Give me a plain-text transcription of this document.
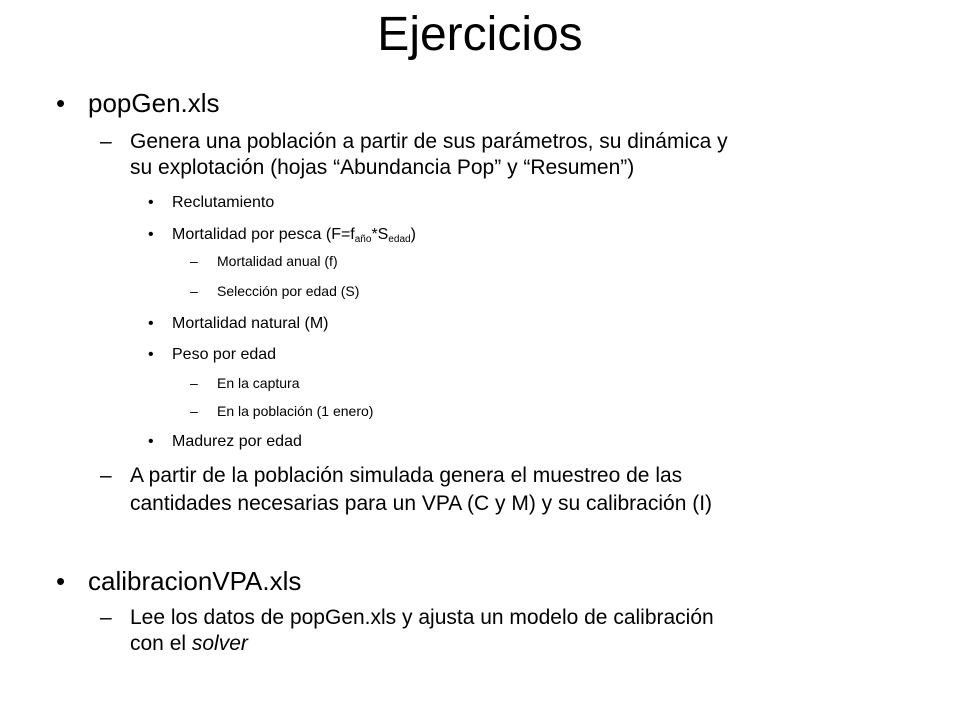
Ejercicios
• popGen.xls
– Genera una población a partir de sus parámetros, su dinámica y
su explotación (hojas “Abundancia Pop” y “Resumen”)
• Reclutamiento
• Mortalidad por pesca $(F=f_{año}*S_{edad})$
– Mortalidad anual (f)
– Selección por edad (S)
• Mortalidad natural (M)
• Peso por edad
– En la captura
– En la población (1 enero)
• Madurez por edad
– A partir de la población simulada genera el muestreo de las
cantidades necesarias para un VPA (C y M) y su calibración (I)
• calibracionVPA.xls
– Lee los datos de popGen.xls y ajusta un modelo de calibración
con el solver
